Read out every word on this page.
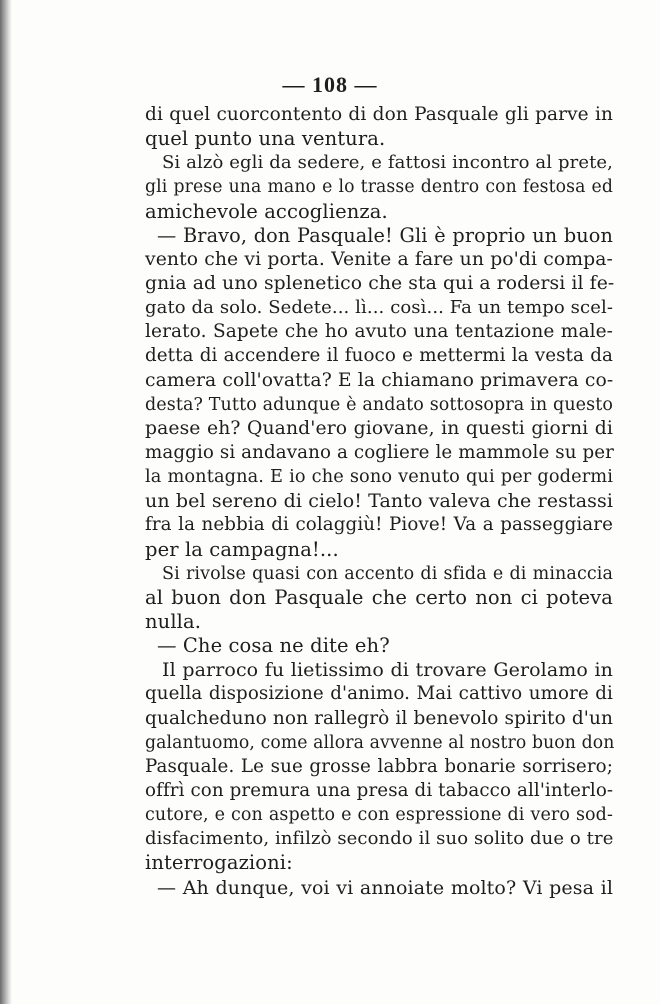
— 108 —
di quel cuorcontento di don Pasquale gli parve in
quel punto una ventura.
Si alzò egli da sedere, e fattosi incontro al prete,
gli prese una mano e lo trasse dentro con festosa ed
amichevole accoglienza.
— Bravo, don Pasquale! Gli è proprio un buon
vento che vi porta. Venite a fare un po'di compa-
gnia ad uno splenetico che sta qui a rodersi il fe-
gato da solo. Sedete... lì... così... Fa un tempo scel-
lerato. Sapete che ho avuto una tentazione male-
detta di accendere il fuoco e mettermi la vesta da
camera coll'ovatta? E la chiamano primavera co-
desta? Tutto adunque è andato sottosopra in questo
paese eh? Quand'ero giovane, in questi giorni di
maggio si andavano a cogliere le mammole su per
la montagna. E io che sono venuto qui per godermi
un bel sereno di cielo! Tanto valeva che restassi
fra la nebbia di colaggiù! Piove! Va a passeggiare
per la campagna!...
Si rivolse quasi con accento di sfida e di minaccia
al buon don Pasquale che certo non ci poteva
nulla.
— Che cosa ne dite eh?
Il parroco fu lietissimo di trovare Gerolamo in
quella disposizione d'animo. Mai cattivo umore di
qualcheduno non rallegrò il benevolo spirito d'un
galantuomo, come allora avvenne al nostro buon don
Pasquale. Le sue grosse labbra bonarie sorrisero;
offrì con premura una presa di tabacco all'interlo-
cutore, e con aspetto e con espressione di vero sod-
disfacimento, infilzò secondo il suo solito due o tre
interrogazioni:
— Ah dunque, voi vi annoiate molto? Vi pesa il
